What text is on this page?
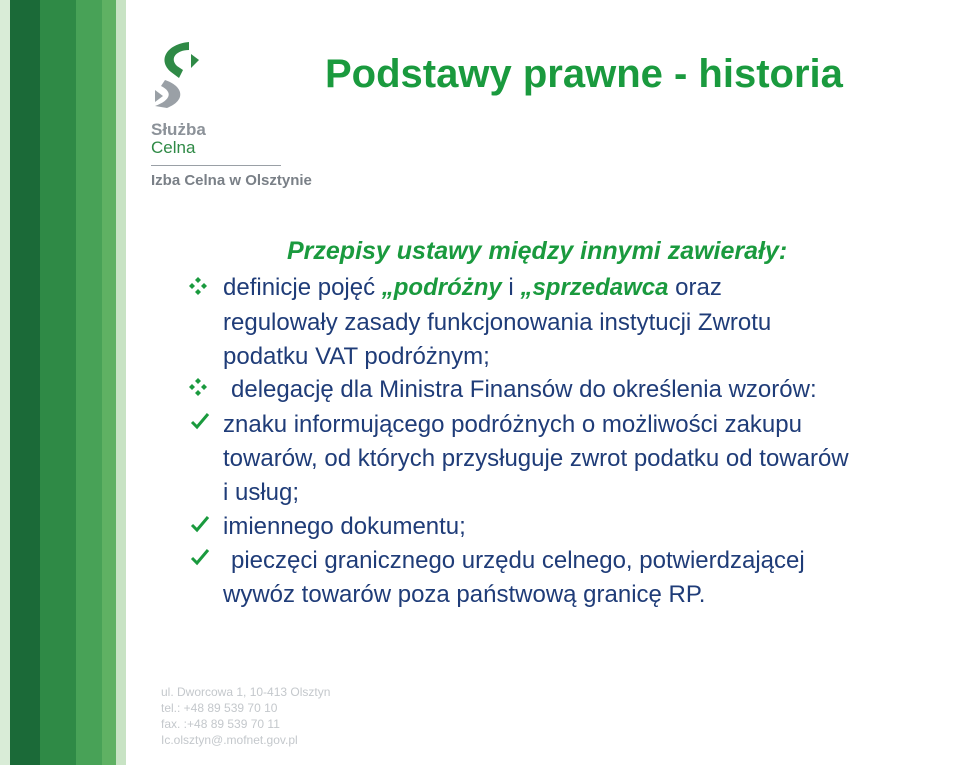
Służba
Celna
Izba Celna w Olsztynie
Podstawy prawne - historia
Przepisy ustawy między innymi zawierały:
definicje pojęć „podróżny i „sprzedawca oraz
regulowały zasady funkcjonowania instytucji Zwrotu
podatku VAT podróżnym;
delegację dla Ministra Finansów do określenia wzorów:
znaku informującego podróżnych o możliwości zakupu
towarów, od których przysługuje zwrot podatku od towarów
i usług;
imiennego dokumentu;
pieczęci granicznego urzędu celnego, potwierdzającej
wywóz towarów poza państwową granicę RP.
ul. Dworcowa 1, 10-413 Olsztyn
tel.: +48 89 539 70 10
fax. :+48 89 539 70 11
Ic.olsztyn@.mofnet.gov.pl
